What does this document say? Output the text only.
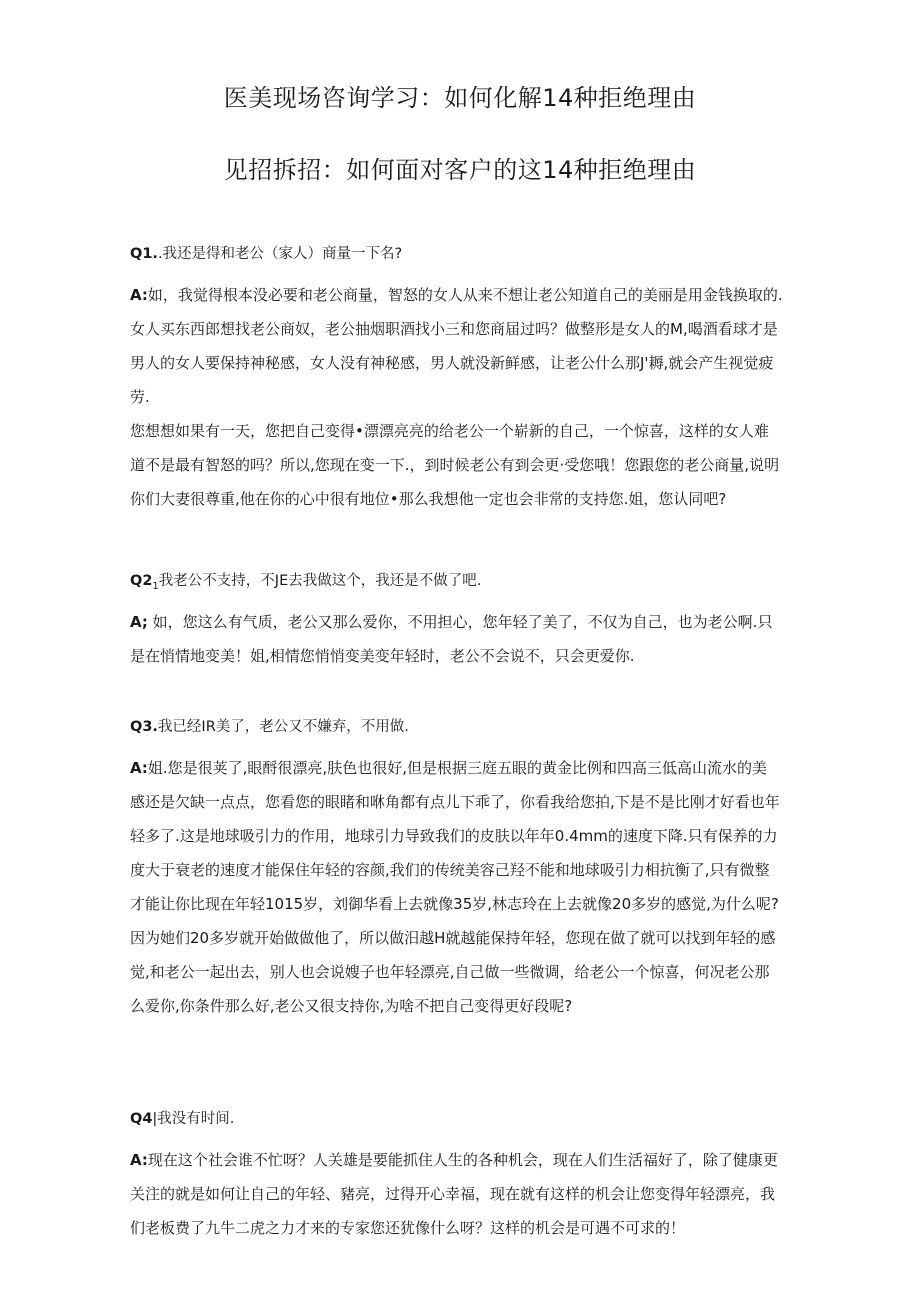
医美现场咨询学习：如何化解14种拒绝理由
见招拆招：如何面对客户的这14种拒绝理由

Q1..我还是得和老公（家人）商量一下名?

A:如，我觉得根本没必要和老公商量，智怒的女人从来不想让老公知道自己的美丽是用金钱换取的.
女人买东西郎想找老公商奴，老公抽烟职酒找小三和您商届过吗？做整形是女人的M,喝酒看球才是
男人的女人要保持神秘感，女人没有神秘感，男人就没新鲜感，让老公什么那J'耨,就会产生视觉疲
劳.
您想想如果有一天，您把自己变得•漂漂亮亮的给老公一个崭新的自己，一个惊喜，这样的女人难
道不是最有智怒的吗？所以,您现在变一下.，到时候老公有到会更·受您哦！您跟您的老公商量,说明
你们大妻很尊重,他在你的心中很有地位•那么我想他一定也会非常的支持您.姐，您认同吧?

$Q2_1$我老公不支持，不JE去我做这个，我还是不做了吧.

A; 如，您这么有气质，老公又那么爱你，不用担心，您年轻了美了，不仅为自己，也为老公啊.只
是在悄情地变美！姐,相情您悄悄变美变年轻时，老公不会说不，只会更爱你.

Q3.我已经IR美了，老公又不嫌弃，不用做.

A:姐.您是很荚了,眼酹很漂亮,肤色也很好,但是根据三庭五眼的黄金比例和四高三低高山流水的美
感还是欠缺一点点，您看您的眼睹和咻角都有点儿下乖了，你看我给您拍,下是不是比刚才好看也年
轻多了.这是地球吸引力的作用，地球引力导致我们的皮肤以年年0.4mm的速度下降.只有保养的力
度大于衰老的速度才能保住年轻的容颜,我们的传统美容己羟不能和地球吸引力相抗衡了,只有微整
才能让你比现在年轻1015岁，刘御华看上去就像35岁,林志玲在上去就像20多岁的感觉,为什么呢?
因为她们20多岁就开始做做他了，所以做汨越H就越能保持年轻，您现在做了就可以找到年轻的感
觉,和老公一起出去，别人也会说嫂子也年轻漂亮,自己做一些微调，给老公一个惊喜，何况老公那
么爱你,你条件那么好,老公又很支持你,为啥不把自己变得更好段呢?

Q4|我没有时间.

A:现在这个社会谁不忙呀？人关雄是要能抓住人生的各种机会，现在人们生活福好了，除了健康更
关注的就是如何让自己的年轻、豬亮，过得开心幸福，现在就有这样的机会让您变得年轻漂亮，我
们老板费了九牛二虎之力才来的专家您还犹像什么呀？这样的机会是可遇不可求的！
